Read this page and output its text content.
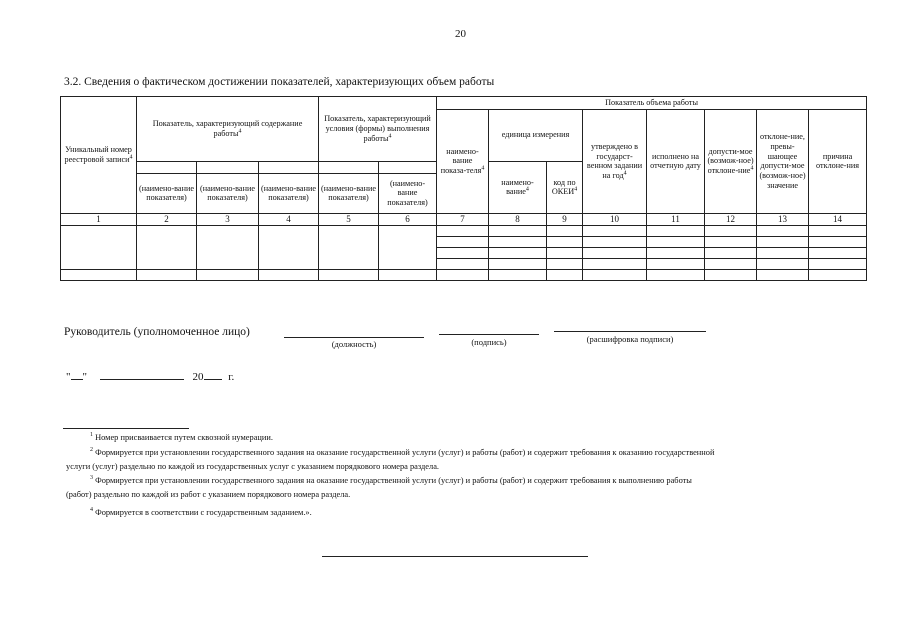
20
3.2. Сведения о фактическом достижении показателей, характеризующих объем работы
Уникальный номер реестровой записи$^4$	Показатель, характеризующий содержание работы$^4$			Показатель, характеризующий условия (формы) выполнения работы$^4$		Показатель объема работы							
						наимено-вание показа-теля$^4$	единица измерения		утверждено в государст-венном задании на год$^4$	исполнено на отчетную дату	допусти-мое (возмож-ное) отклоне-ние$^4$	отклоне-ние, превы-шающее допусти-мое (возмож-ное) значение	причина отклоне-ния
							наимено-вание$^4$	код по ОКЕИ$^4$
	(наимено-вание показателя)	(наимено-вание показателя)	(наимено-вание показателя)	(наимено-вание показателя)	(наимено-вание показателя)								
1	2	3	4	5	6	7	8	9	10	11	12	13	14

Руководитель (уполномоченное лицо)
(должность)	(подпись)	(расшифровка подписи)
" "	20 г.
$^1$ Номер присваивается путем сквозной нумерации.
$^2$ Формируется при установлении государственного задания на оказание государственной услуги (услуг) и работы (работ) и содержит требования к оказанию государственной
услуги (услуг) раздельно по каждой из государственных услуг с указанием порядкового номера раздела.
$^3$ Формируется при установлении государственного задания на оказание государственной услуги (услуг) и работы (работ) и содержит требования к выполнению работы
(работ) раздельно по каждой из работ с указанием порядкового номера раздела.
$^4$ Формируется в соответствии с государственным заданием.».
